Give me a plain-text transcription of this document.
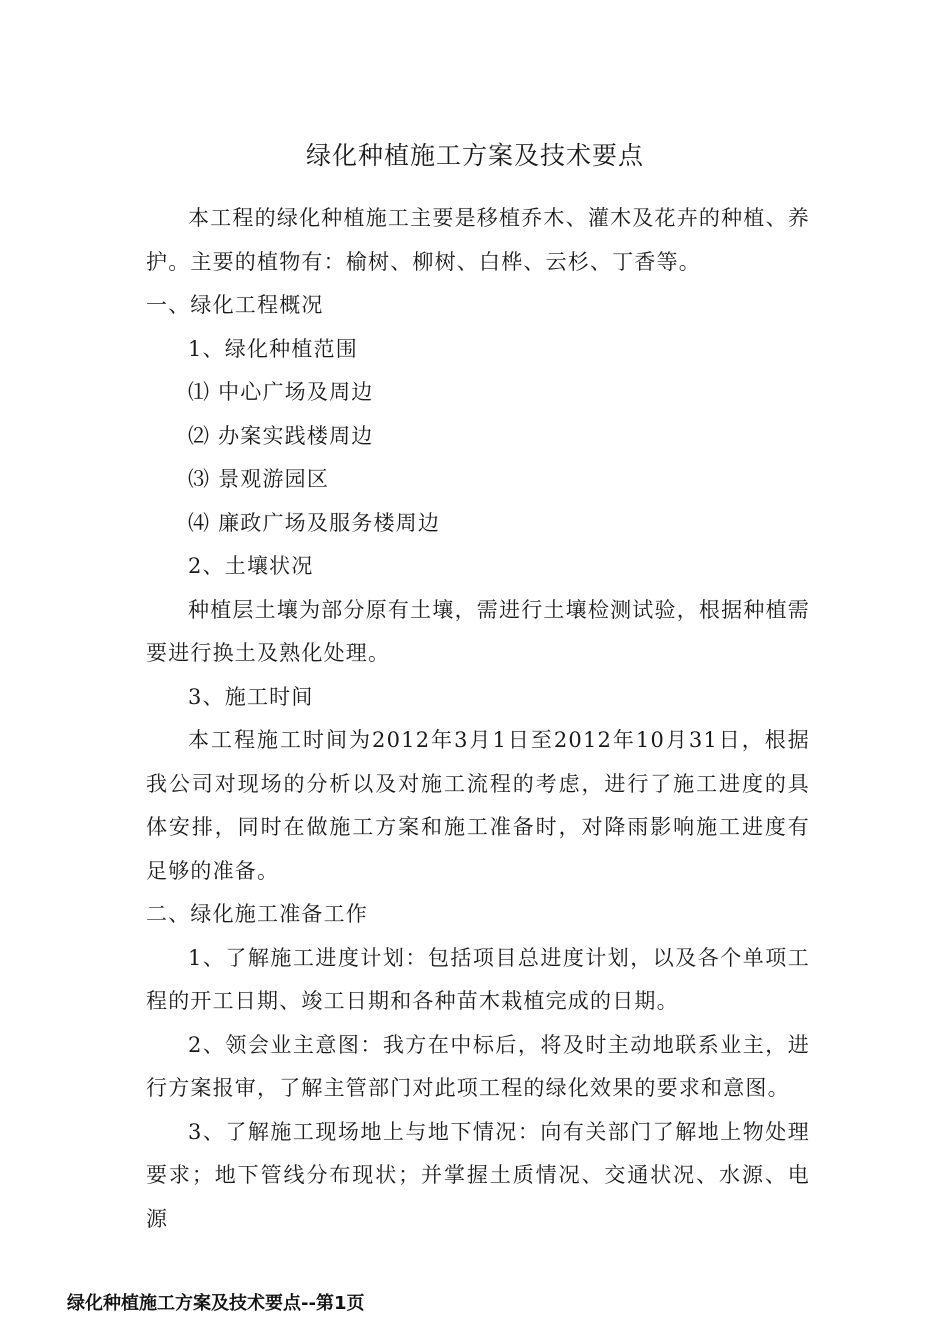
绿化种植施工方案及技术要点

本工程的绿化种植施工主要是移植乔木、灌木及花卉的种植、养护。主要的植物有：榆树、柳树、白桦、云杉、丁香等。

一、绿化工程概况

1、绿化种植范围

⑴ 中心广场及周边

⑵ 办案实践楼周边

⑶ 景观游园区

⑷ 廉政广场及服务楼周边

2、土壤状况

种植层土壤为部分原有土壤，需进行土壤检测试验，根据种植需要进行换土及熟化处理。

3、施工时间

本工程施工时间为2012年3月1日至2012年10月31日，根据我公司对现场的分析以及对施工流程的考虑，进行了施工进度的具体安排，同时在做施工方案和施工准备时，对降雨影响施工进度有足够的准备。

二、绿化施工准备工作

1、了解施工进度计划：包括项目总进度计划，以及各个单项工程的开工日期、竣工日期和各种苗木栽植完成的日期。

2、领会业主意图：我方在中标后，将及时主动地联系业主，进行方案报审，了解主管部门对此项工程的绿化效果的要求和意图。

3、了解施工现场地上与地下情况：向有关部门了解地上物处理要求；地下管线分布现状；并掌握土质情况、交通状况、水源、电源

绿化种植施工方案及技术要点--第1页
